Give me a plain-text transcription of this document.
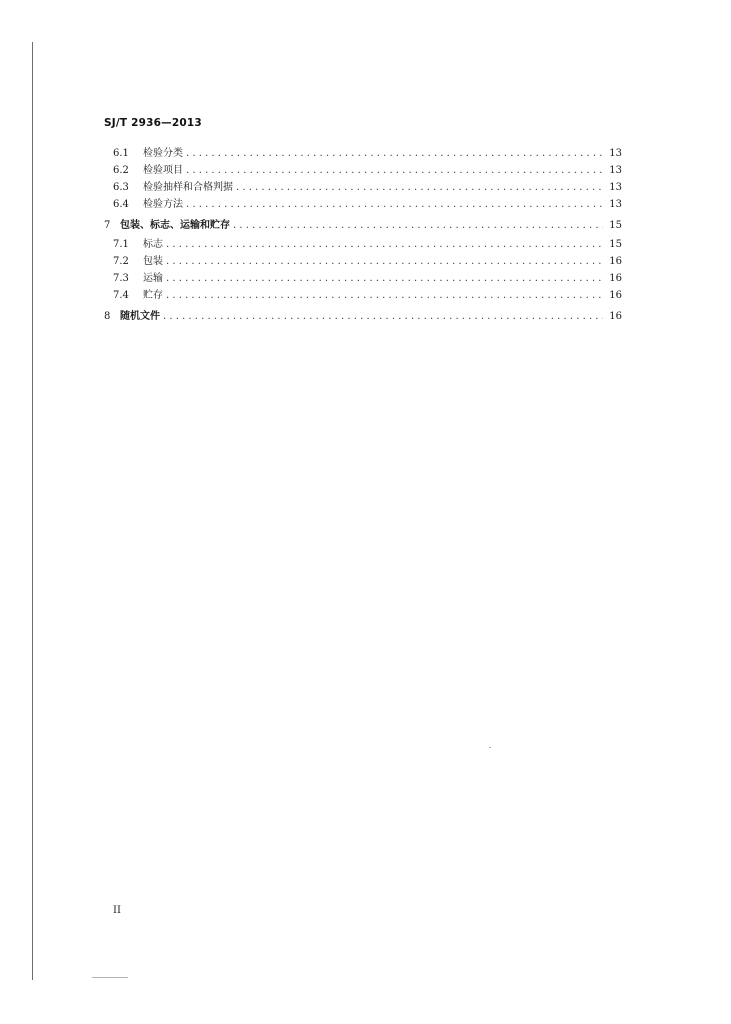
SJ/T 2936—2013
6.1	检验分类 . . .	13
6.2	检验项目 . . .	13
6.3	检验抽样和合格判据 . . .	13
6.4	检验方法 . . .	13
7 包装、标志、运输和贮存 . . .	15
7.1	标志 . . .	15
7.2	包装 . . .	16
7.3	运输 . . .	16
7.4	贮存 . . .	16
8 随机文件 . . .	16
II
